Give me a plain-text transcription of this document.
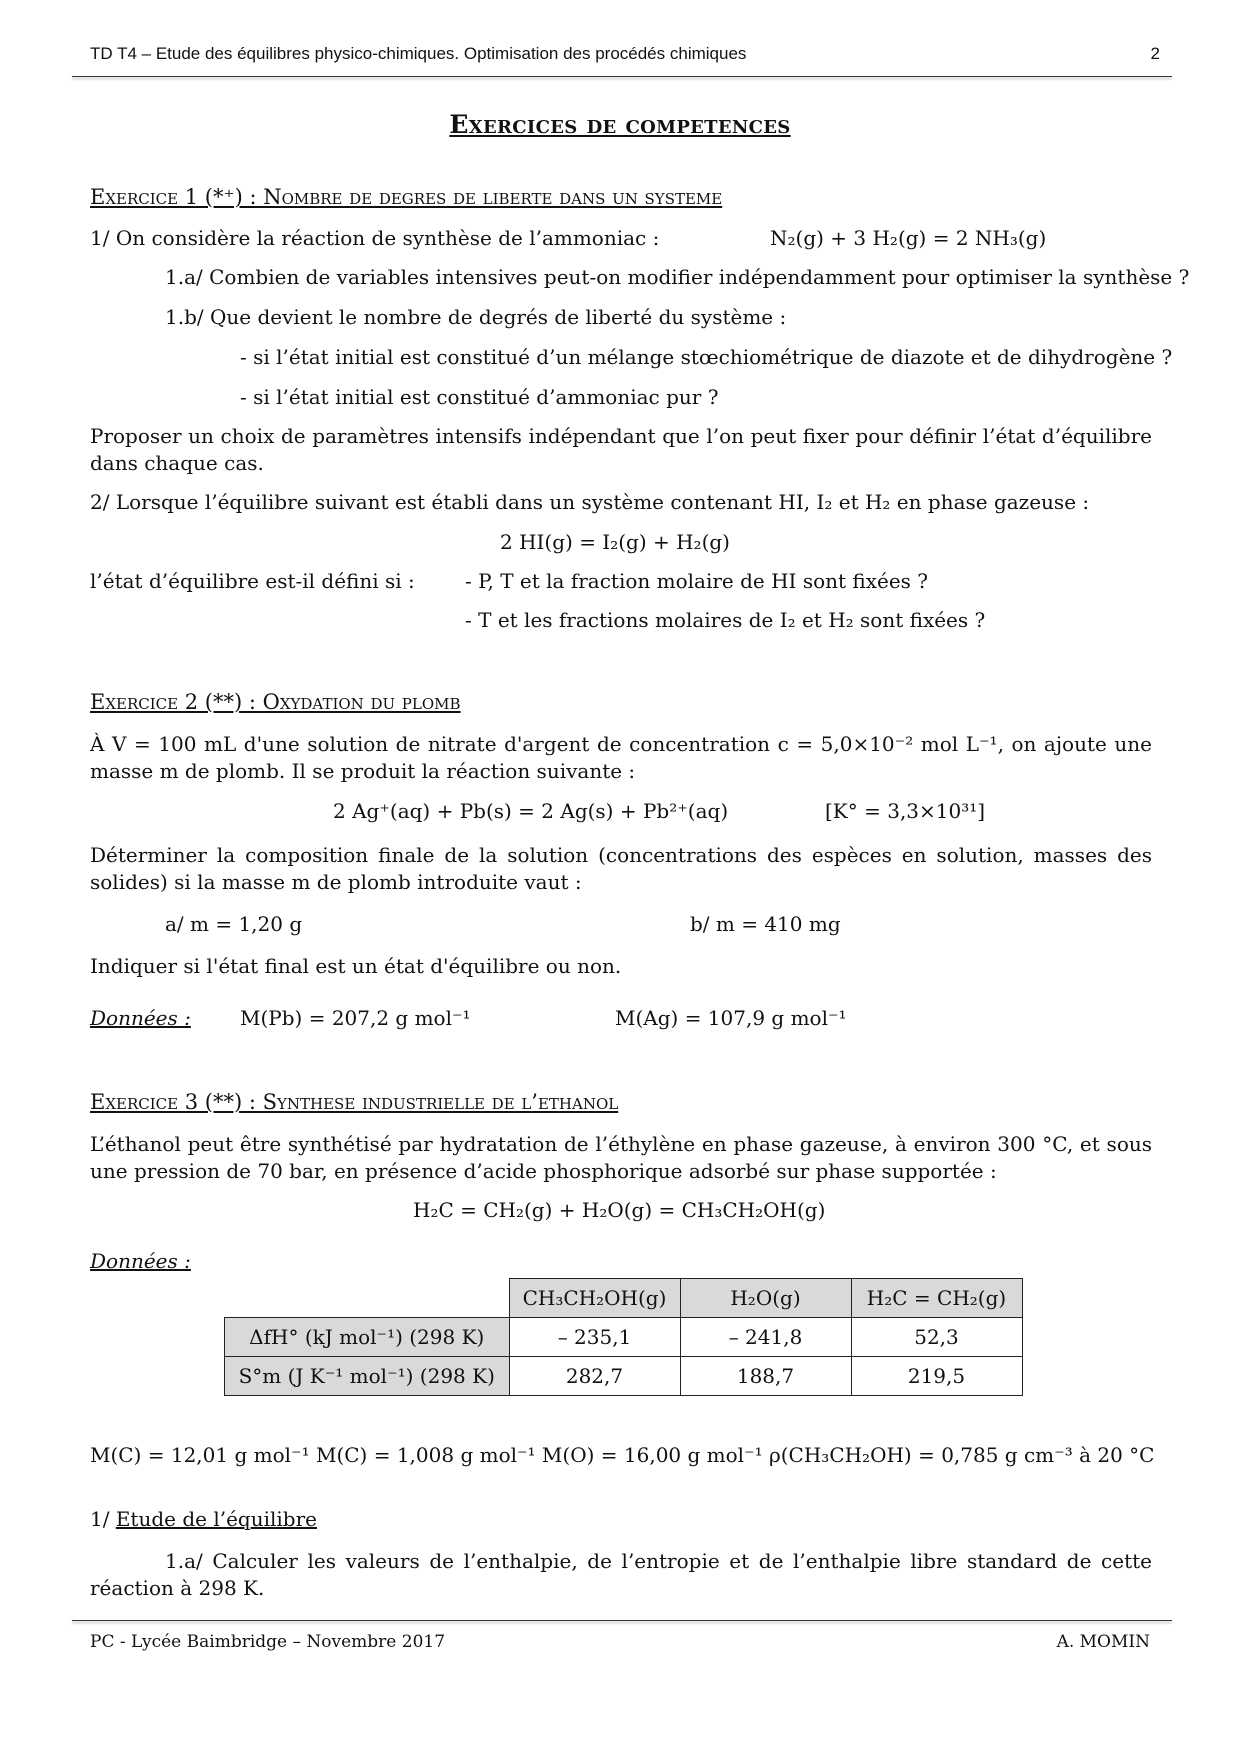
TD T4 – Etude des équilibres physico-chimiques. Optimisation des procédés chimiques	2
Exercices de competences
Exercice 1 (*⁺) : Nombre de degres de liberte dans un systeme
1/ On considère la réaction de synthèse de l’ammoniac :	N₂(g) + 3 H₂(g) = 2 NH₃(g)
1.a/ Combien de variables intensives peut-on modifier indépendamment pour optimiser la synthèse ?
1.b/ Que devient le nombre de degrés de liberté du système :
- si l’état initial est constitué d’un mélange stœchiométrique de diazote et de dihydrogène ?
- si l’état initial est constitué d’ammoniac pur ?
Proposer un choix de paramètres intensifs indépendant que l’on peut fixer pour définir l’état d’équilibre dans chaque cas.
2/ Lorsque l’équilibre suivant est établi dans un système contenant HI, I₂ et H₂ en phase gazeuse :
2 HI(g) = I₂(g) + H₂(g)
l’état d’équilibre est-il défini si :	- P, T et la fraction molaire de HI sont fixées ?
- T et les fractions molaires de I₂ et H₂ sont fixées ?
Exercice 2 (**) : Oxydation du plomb
À V = 100 mL d'une solution de nitrate d'argent de concentration c = 5,0×10⁻² mol L⁻¹, on ajoute une masse m de plomb. Il se produit la réaction suivante :
2 Ag⁺(aq) + Pb(s) = 2 Ag(s) + Pb²⁺(aq)	[K° = 3,3×10³¹]
Déterminer la composition finale de la solution (concentrations des espèces en solution, masses des solides) si la masse m de plomb introduite vaut :
a/ m = 1,20 g	b/ m = 410 mg
Indiquer si l'état final est un état d'équilibre ou non.
Données : M(Pb) = 207,2 g mol⁻¹	M(Ag) = 107,9 g mol⁻¹
Exercice 3 (**) : Synthese industrielle de l’ethanol
L’éthanol peut être synthétisé par hydratation de l’éthylène en phase gazeuse, à environ 300 °C, et sous une pression de 70 bar, en présence d’acide phosphorique adsorbé sur phase supportée :
H₂C = CH₂(g) + H₂O(g) = CH₃CH₂OH(g)
Données :
	CH₃CH₂OH(g)	H₂O(g)	H₂C = CH₂(g)
ΔfH° (kJ mol⁻¹) (298 K)	– 235,1	– 241,8	52,3
S°m (J K⁻¹ mol⁻¹) (298 K)	282,7	188,7	219,5
M(C) = 12,01 g mol⁻¹ M(C) = 1,008 g mol⁻¹ M(O) = 16,00 g mol⁻¹ ρ(CH₃CH₂OH) = 0,785 g cm⁻³ à 20 °C
1/ Etude de l’équilibre
1.a/ Calculer les valeurs de l’enthalpie, de l’entropie et de l’enthalpie libre standard de cette réaction à 298 K.
PC - Lycée Baimbridge – Novembre 2017	A. MOMIN
